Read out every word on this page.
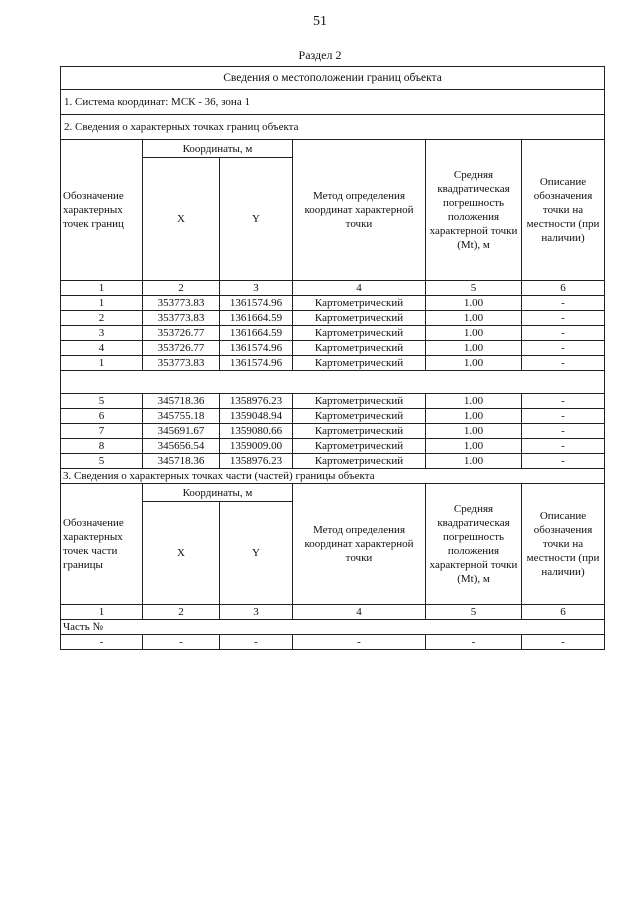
51
Раздел 2
Сведения о местоположении границ объекта					
1. Система координат: МСК - 36, зона 1					
2. Сведения о характерных точках границ объекта					
Обозначение характерных точек границ	Координаты, м		Метод определения координат характерной точки	Средняя квадратическая погрешность положения характерной точки (Mt), м	Описание обозначения точки на местности (при наличии)
	X	Y			
1	2	3	4	5	6
1	353773.83	1361574.96	Картометрический	1.00	-
2	353773.83	1361664.59	Картометрический	1.00	-
3	353726.77	1361664.59	Картометрический	1.00	-
4	353726.77	1361574.96	Картометрический	1.00	-
1	353773.83	1361574.96	Картометрический	1.00	-

5	345718.36	1358976.23	Картометрический	1.00	-
6	345755.18	1359048.94	Картометрический	1.00	-
7	345691.67	1359080.66	Картометрический	1.00	-
8	345656.54	1359009.00	Картометрический	1.00	-
5	345718.36	1358976.23	Картометрический	1.00	-
3. Сведения о характерных точках части (частей) границы объекта					
Обозначение характерных точек части границы	Координаты, м		Метод определения координат характерной точки	Средняя квадратическая погрешность положения характерной точки (Mt), м	Описание обозначения точки на местности (при наличии)
	X	Y			
1	2	3	4	5	6
Часть №					
-	-	-	-	-	-
